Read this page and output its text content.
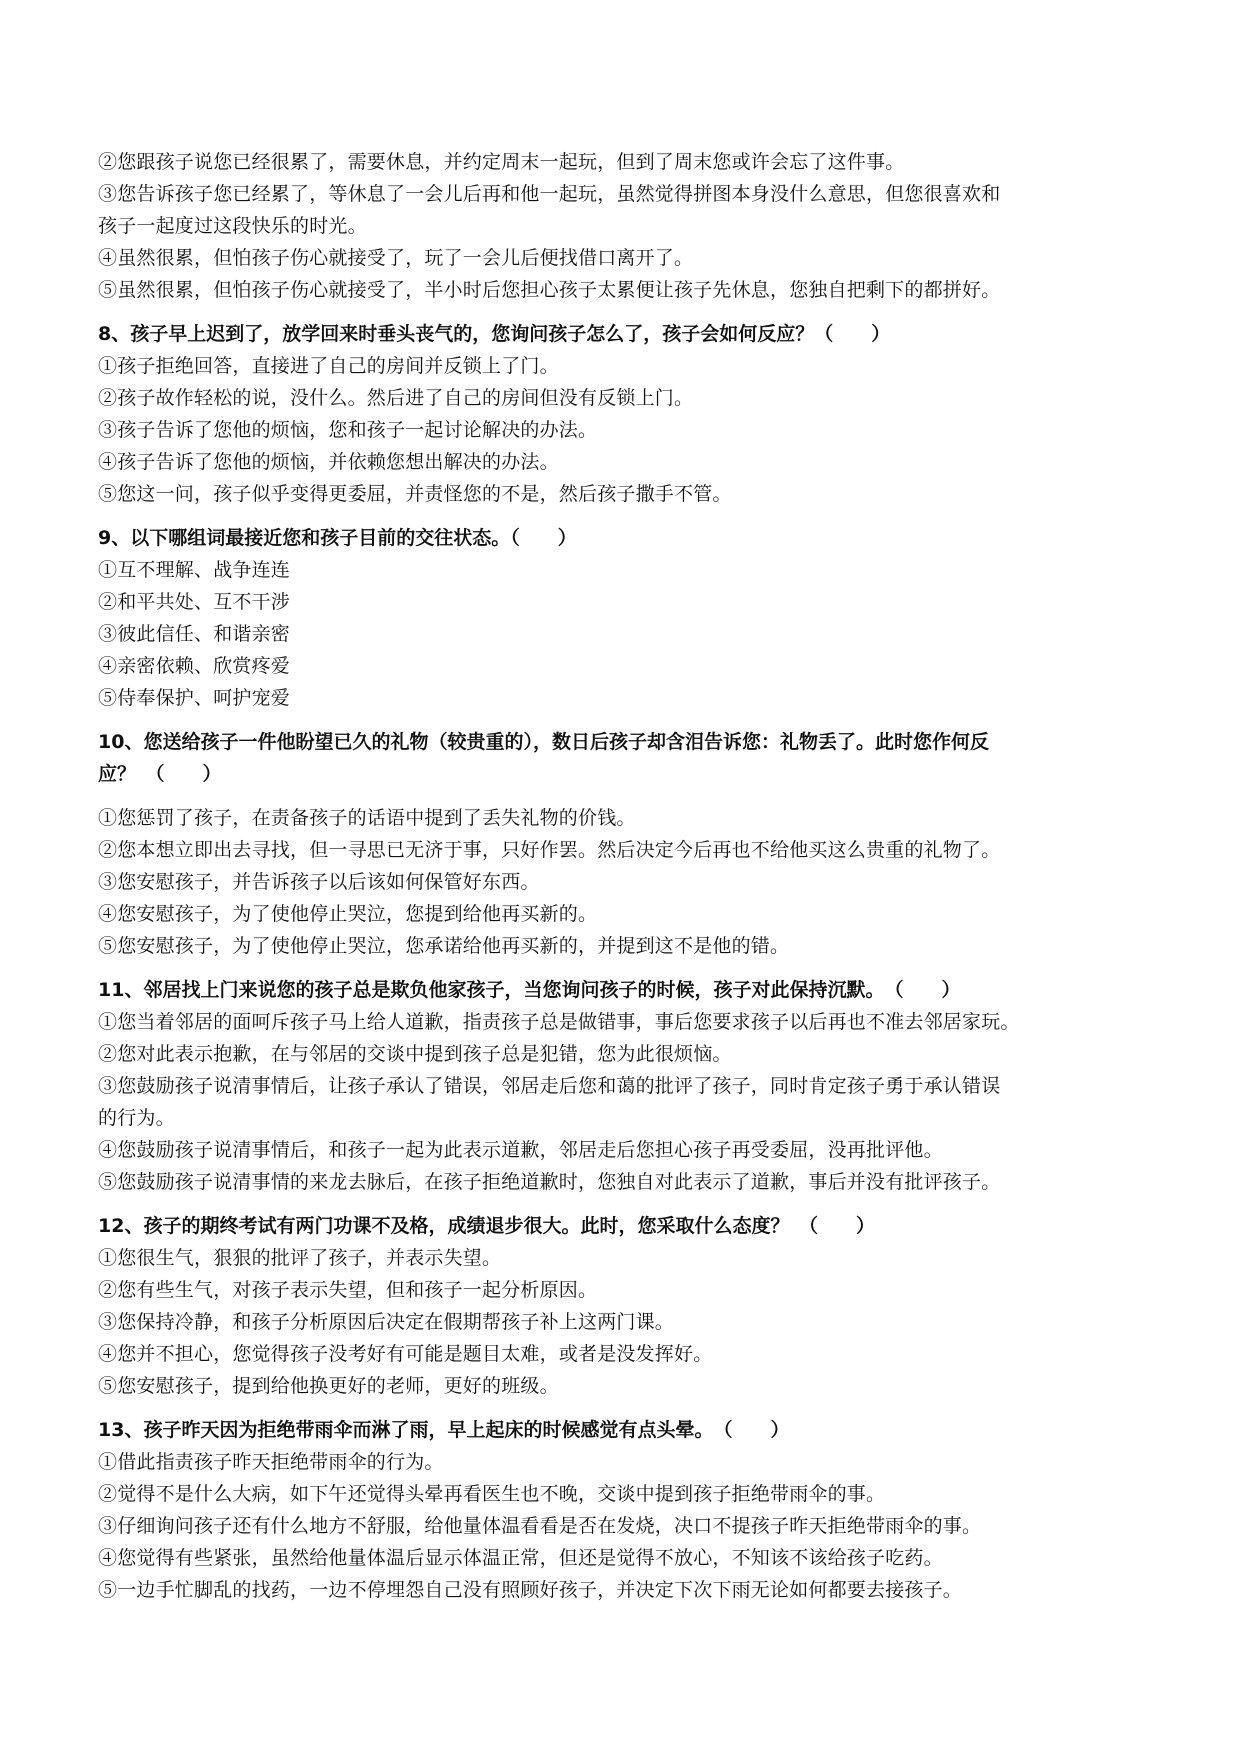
②您跟孩子说您已经很累了，需要休息，并约定周末一起玩，但到了周末您或许会忘了这件事。
③您告诉孩子您已经累了，等休息了一会儿后再和他一起玩，虽然觉得拼图本身没什么意思，但您很喜欢和
孩子一起度过这段快乐的时光。
④虽然很累，但怕孩子伤心就接受了，玩了一会儿后便找借口离开了。
⑤虽然很累，但怕孩子伤心就接受了，半小时后您担心孩子太累便让孩子先休息，您独自把剩下的都拼好。
8、孩子早上迟到了，放学回来时垂头丧气的，您询问孩子怎么了，孩子会如何反应？（　　）
①孩子拒绝回答，直接进了自己的房间并反锁上了门。
②孩子故作轻松的说，没什么。然后进了自己的房间但没有反锁上门。
③孩子告诉了您他的烦恼，您和孩子一起讨论解决的办法。
④孩子告诉了您他的烦恼，并依赖您想出解决的办法。
⑤您这一问，孩子似乎变得更委屈，并责怪您的不是，然后孩子撒手不管。
9、以下哪组词最接近您和孩子目前的交往状态。（　　）
①互不理解、战争连连
②和平共处、互不干涉
③彼此信任、和谐亲密
④亲密依赖、欣赏疼爱
⑤侍奉保护、呵护宠爱
10、您送给孩子一件他盼望已久的礼物（较贵重的），数日后孩子却含泪告诉您：礼物丢了。此时您作何反
应？　（　　）
①您惩罚了孩子，在责备孩子的话语中提到了丢失礼物的价钱。
②您本想立即出去寻找，但一寻思已无济于事，只好作罢。然后决定今后再也不给他买这么贵重的礼物了。
③您安慰孩子，并告诉孩子以后该如何保管好东西。
④您安慰孩子，为了使他停止哭泣，您提到给他再买新的。
⑤您安慰孩子，为了使他停止哭泣，您承诺给他再买新的，并提到这不是他的错。
11、邻居找上门来说您的孩子总是欺负他家孩子，当您询问孩子的时候，孩子对此保持沉默。　（　　）
①您当着邻居的面呵斥孩子马上给人道歉，指责孩子总是做错事，事后您要求孩子以后再也不准去邻居家玩。
②您对此表示抱歉，在与邻居的交谈中提到孩子总是犯错，您为此很烦恼。
③您鼓励孩子说清事情后，让孩子承认了错误，邻居走后您和蔼的批评了孩子，同时肯定孩子勇于承认错误
的行为。
④您鼓励孩子说清事情后，和孩子一起为此表示道歉，邻居走后您担心孩子再受委屈，没再批评他。
⑤您鼓励孩子说清事情的来龙去脉后，在孩子拒绝道歉时，您独自对此表示了道歉，事后并没有批评孩子。
12、孩子的期终考试有两门功课不及格，成绩退步很大。此时，您采取什么态度？　（　　）
①您很生气，狠狠的批评了孩子，并表示失望。
②您有些生气，对孩子表示失望，但和孩子一起分析原因。
③您保持冷静，和孩子分析原因后决定在假期帮孩子补上这两门课。
④您并不担心，您觉得孩子没考好有可能是题目太难，或者是没发挥好。
⑤您安慰孩子，提到给他换更好的老师，更好的班级。
13、孩子昨天因为拒绝带雨伞而淋了雨，早上起床的时候感觉有点头晕。　（　　）
①借此指责孩子昨天拒绝带雨伞的行为。
②觉得不是什么大病，如下午还觉得头晕再看医生也不晚，交谈中提到孩子拒绝带雨伞的事。
③仔细询问孩子还有什么地方不舒服，给他量体温看看是否在发烧，决口不提孩子昨天拒绝带雨伞的事。
④您觉得有些紧张，虽然给他量体温后显示体温正常，但还是觉得不放心，不知该不该给孩子吃药。
⑤一边手忙脚乱的找药，一边不停埋怨自己没有照顾好孩子，并决定下次下雨无论如何都要去接孩子。
